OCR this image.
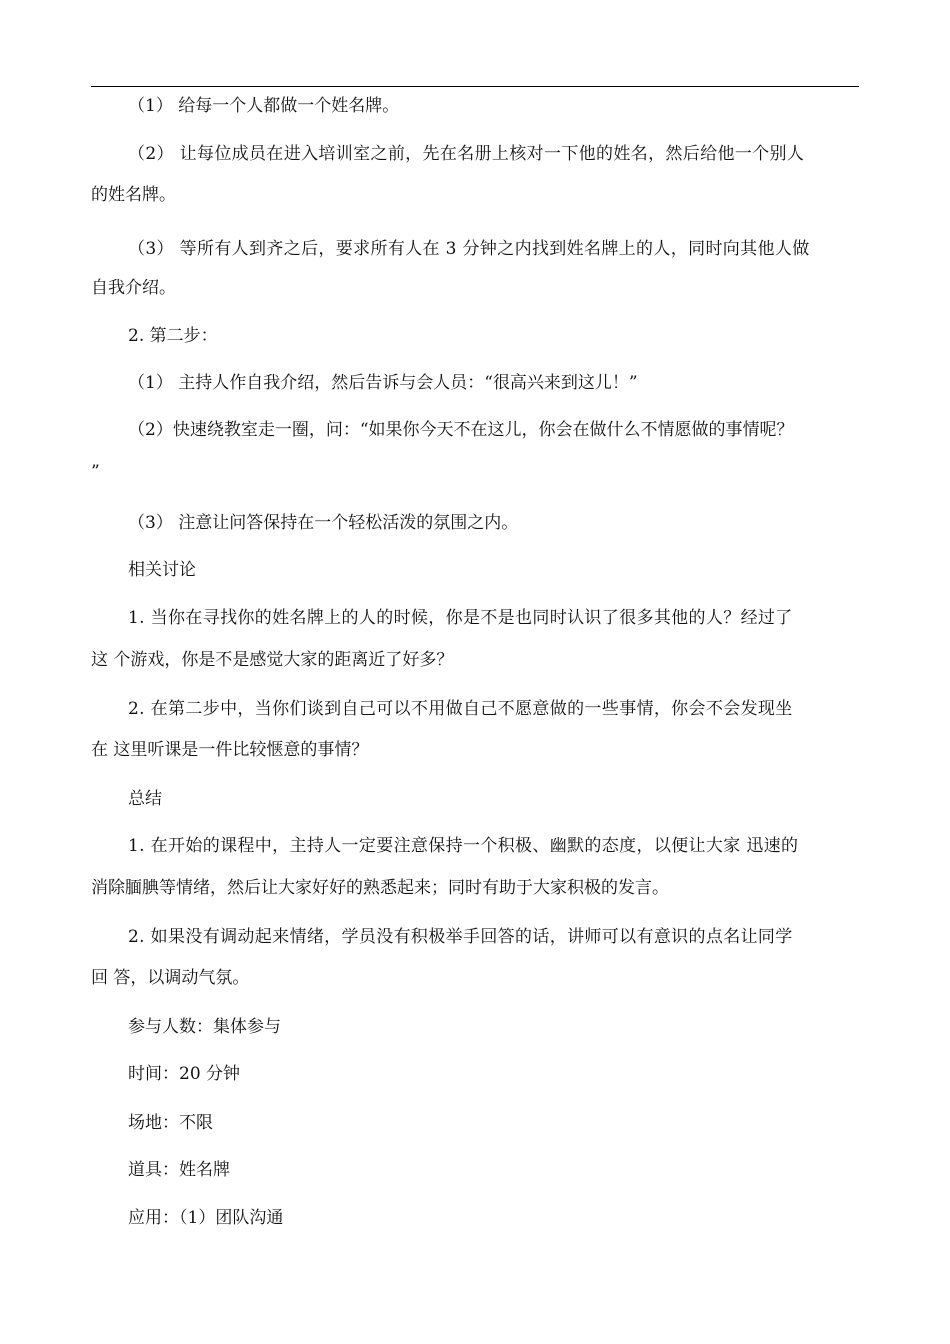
（1） 给每一个人都做一个姓名牌。
（2） 让每位成员在进入培训室之前，先在名册上核对一下他的姓名，然后给他一个别人
的姓名牌。
（3） 等所有人到齐之后，要求所有人在 3 分钟之内找到姓名牌上的人，同时向其他人做
自我介绍。
2. 第二步：
（1） 主持人作自我介绍，然后告诉与会人员：“很高兴来到这儿！”
（2）快速绕教室走一圈，问：“如果你今天不在这儿，你会在做什么不情愿做的事情呢？
”
（3） 注意让问答保持在一个轻松活泼的氛围之内。
相关讨论
1. 当你在寻找你的姓名牌上的人的时候，你是不是也同时认识了很多其他的人？经过了
这 个游戏，你是不是感觉大家的距离近了好多？
2. 在第二步中，当你们谈到自己可以不用做自己不愿意做的一些事情，你会不会发现坐
在 这里听课是一件比较惬意的事情？
总结
1. 在开始的课程中，主持人一定要注意保持一个积极、幽默的态度，以便让大家 迅速的
消除腼腆等情绪，然后让大家好好的熟悉起来；同时有助于大家积极的发言。
2. 如果没有调动起来情绪，学员没有积极举手回答的话，讲师可以有意识的点名让同学
回 答，以调动气氛。
参与人数：集体参与
时间：20 分钟
场地：不限
道具：姓名牌
应用：（1）团队沟通
